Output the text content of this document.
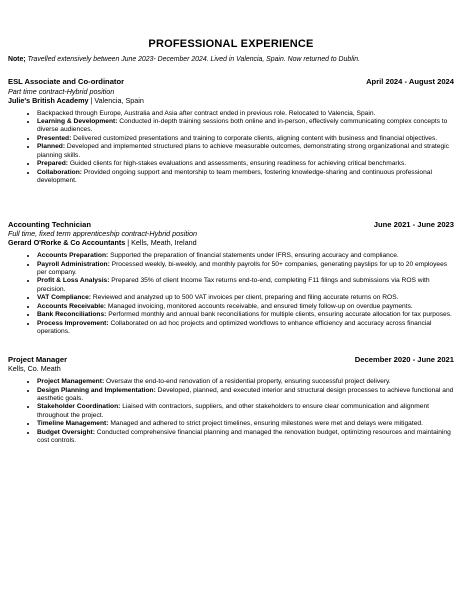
PROFESSIONAL EXPERIENCE
Note; Travelled extensively between June 2023- December 2024. Lived in Valencia, Spain. Now returned to Dublin.
ESL Associate and Co-ordinator	April 2024 - August 2024
Part time contract-Hybrid position
Julie's British Academy | Valencia, Spain
• Backpacked through Europe, Australia and Asia after contract ended in previous role. Relocated to Valencia, Spain.
• Learning & Development: Conducted in-depth training sessions both online and in-person, effectively communicating complex concepts to diverse audiences.
• Presented: Delivered customized presentations and training to corporate clients, aligning content with business and financial objectives.
• Planned: Developed and implemented structured plans to achieve measurable outcomes, demonstrating strong organizational and strategic planning skills.
• Prepared: Guided clients for high-stakes evaluations and assessments, ensuring readiness for achieving critical benchmarks.
• Collaboration: Provided ongoing support and mentorship to team members, fostering knowledge-sharing and continuous professional development.
Accounting Technician	June 2021 - June 2023
Full time, fixed term apprenticeship contract-Hybrid position
Gerard O'Rorke & Co Accountants | Kells, Meath, Ireland
• Accounts Preparation: Supported the preparation of financial statements under IFRS, ensuring accuracy and compliance.
• Payroll Administration: Processed weekly, bi-weekly, and monthly payrolls for 50+ companies, generating payslips for up to 20 employees per company.
• Profit & Loss Analysis: Prepared 35% of client Income Tax returns end-to-end, completing F11 filings and submissions via ROS with precision.
• VAT Compliance: Reviewed and analyzed up to 500 VAT invoices per client, preparing and filing accurate returns on ROS.
• Accounts Receivable: Managed invoicing, monitored accounts receivable, and ensured timely follow-up on overdue payments.
• Bank Reconciliations: Performed monthly and annual bank reconciliations for multiple clients, ensuring accurate allocation for tax purposes.
• Process Improvement: Collaborated on ad hoc projects and optimized workflows to enhance efficiency and accuracy across financial operations.
Project Manager	December 2020 - June 2021
Kells, Co. Meath
• Project Management: Oversaw the end-to-end renovation of a residential property, ensuring successful project delivery.
• Design Planning and Implementation: Developed, planned, and executed interior and structural design processes to achieve functional and aesthetic goals.
• Stakeholder Coordination: Liaised with contractors, suppliers, and other stakeholders to ensure clear communication and alignment throughout the project.
• Timeline Management: Managed and adhered to strict project timelines, ensuring milestones were met and delays were mitigated.
• Budget Oversight: Conducted comprehensive financial planning and managed the renovation budget, optimizing resources and maintaining cost controls.
